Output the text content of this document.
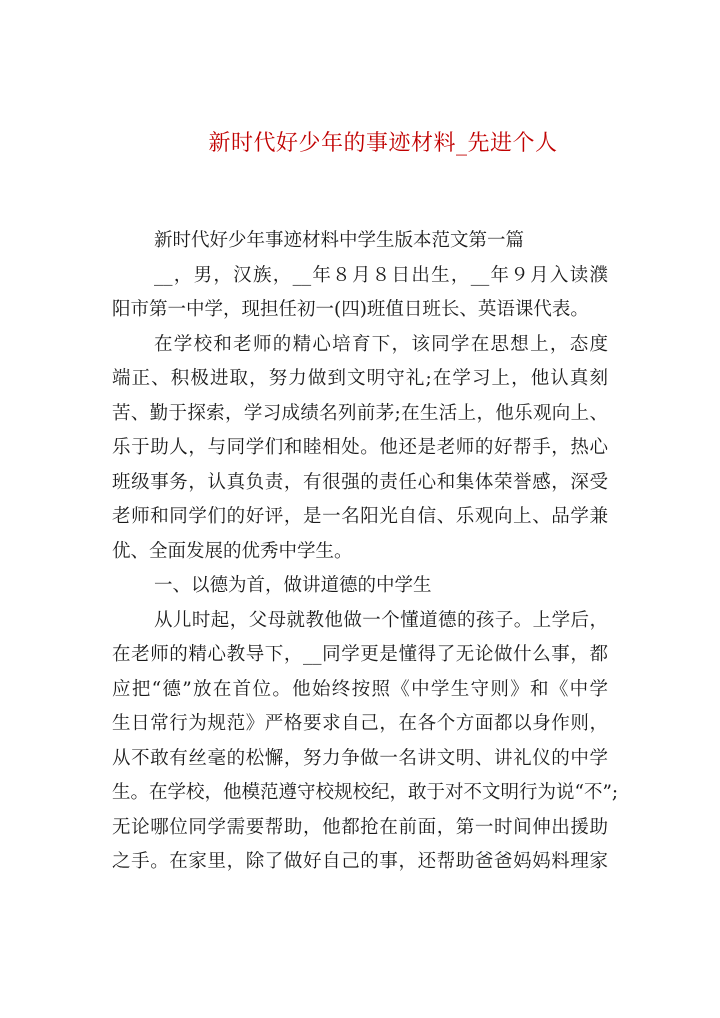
新时代好少年的事迹材料_先进个人
新时代好少年事迹材料中学生版本范文第一篇
__，男，汉族，__年８月８日出生，__年９月入读濮
阳市第一中学，现担任初一(四)班值日班长、英语课代表。
在学校和老师的精心培育下，该同学在思想上，态度
端正、积极进取，努力做到文明守礼;在学习上，他认真刻
苦、勤于探索，学习成绩名列前茅;在生活上，他乐观向上、
乐于助人，与同学们和睦相处。他还是老师的好帮手，热心
班级事务，认真负责，有很强的责任心和集体荣誉感，深受
老师和同学们的好评，是一名阳光自信、乐观向上、品学兼
优、全面发展的优秀中学生。
一、以德为首，做讲道德的中学生
从儿时起，父母就教他做一个懂道德的孩子。上学后，
在老师的精心教导下，__同学更是懂得了无论做什么事，都
应把“德”放在首位。他始终按照《中学生守则》和《中学
生日常行为规范》严格要求自己，在各个方面都以身作则，
从不敢有丝毫的松懈，努力争做一名讲文明、讲礼仪的中学
生。在学校，他模范遵守校规校纪，敢于对不文明行为说“不”;
无论哪位同学需要帮助，他都抢在前面，第一时间伸出援助
之手。在家里，除了做好自己的事，还帮助爸爸妈妈料理家
